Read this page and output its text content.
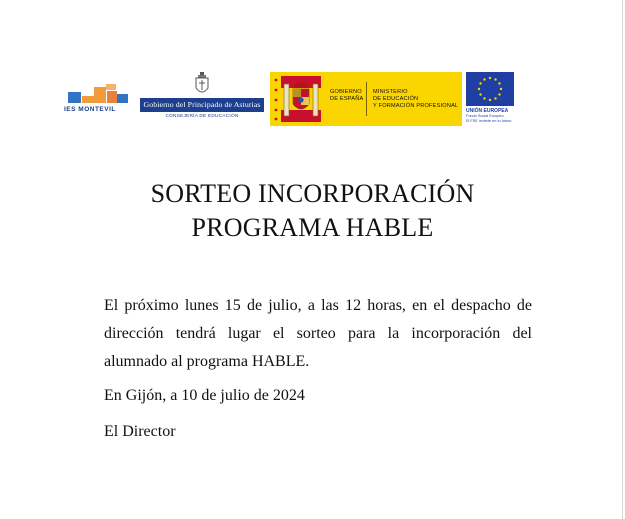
IES MONTEVIL
Gobierno del Principado de Asturias
CONSEJERÍA DE EDUCACIÓN
GOBIERNO
DE ESPAÑA
MINISTERIO
DE EDUCACIÓN
Y FORMACIÓN PROFESIONAL
UNIÓN EUROPEA
Fondo Social Europeo
El FSE invierte en tu futuro
SORTEO INCORPORACIÓN
PROGRAMA HABLE
El próximo lunes 15 de julio, a las 12 horas, en el despacho de dirección tendrá lugar el sorteo para la incorporación del alumnado al programa HABLE.
En Gijón, a 10 de julio de 2024
El Director
